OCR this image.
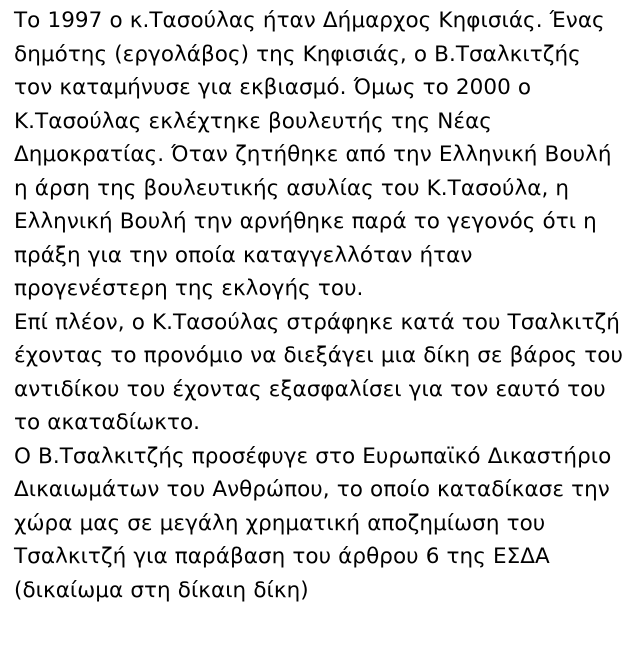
Το 1997 ο κ.Τασούλας ήταν Δήμαρχος Κηφισιάς. Ένας δημότης (εργολάβος) της Κηφισιάς, ο Β.Τσαλκιτζής τον καταμήνυσε για εκβιασμό. Όμως το 2000 ο Κ.Τασούλας εκλέχτηκε βουλευτής της Νέας Δημοκρατίας. Όταν ζητήθηκε από την Ελληνική Βουλή η άρση της βουλευτικής ασυλίας του Κ.Τασούλα, η Ελληνική Βουλή την αρνήθηκε παρά το γεγονός ότι η πράξη για την οποία καταγγελλόταν ήταν προγενέστερη της εκλογής του.

Επί πλέον, ο Κ.Τασούλας στράφηκε κατά του Τσαλκιτζή έχοντας το προνόμιο να διεξάγει μια δίκη σε βάρος του αντιδίκου του έχοντας εξασφαλίσει για τον εαυτό του το ακαταδίωκτο.

Ο Β.Τσαλκιτζής προσέφυγε στο Ευρωπαϊκό Δικαστήριο Δικαιωμάτων του Ανθρώπου, το οποίο καταδίκασε την χώρα μας σε μεγάλη χρηματική αποζημίωση του Τσαλκιτζή για παράβαση του άρθρου 6 της ΕΣΔΑ (δικαίωμα στη δίκαιη δίκη)
